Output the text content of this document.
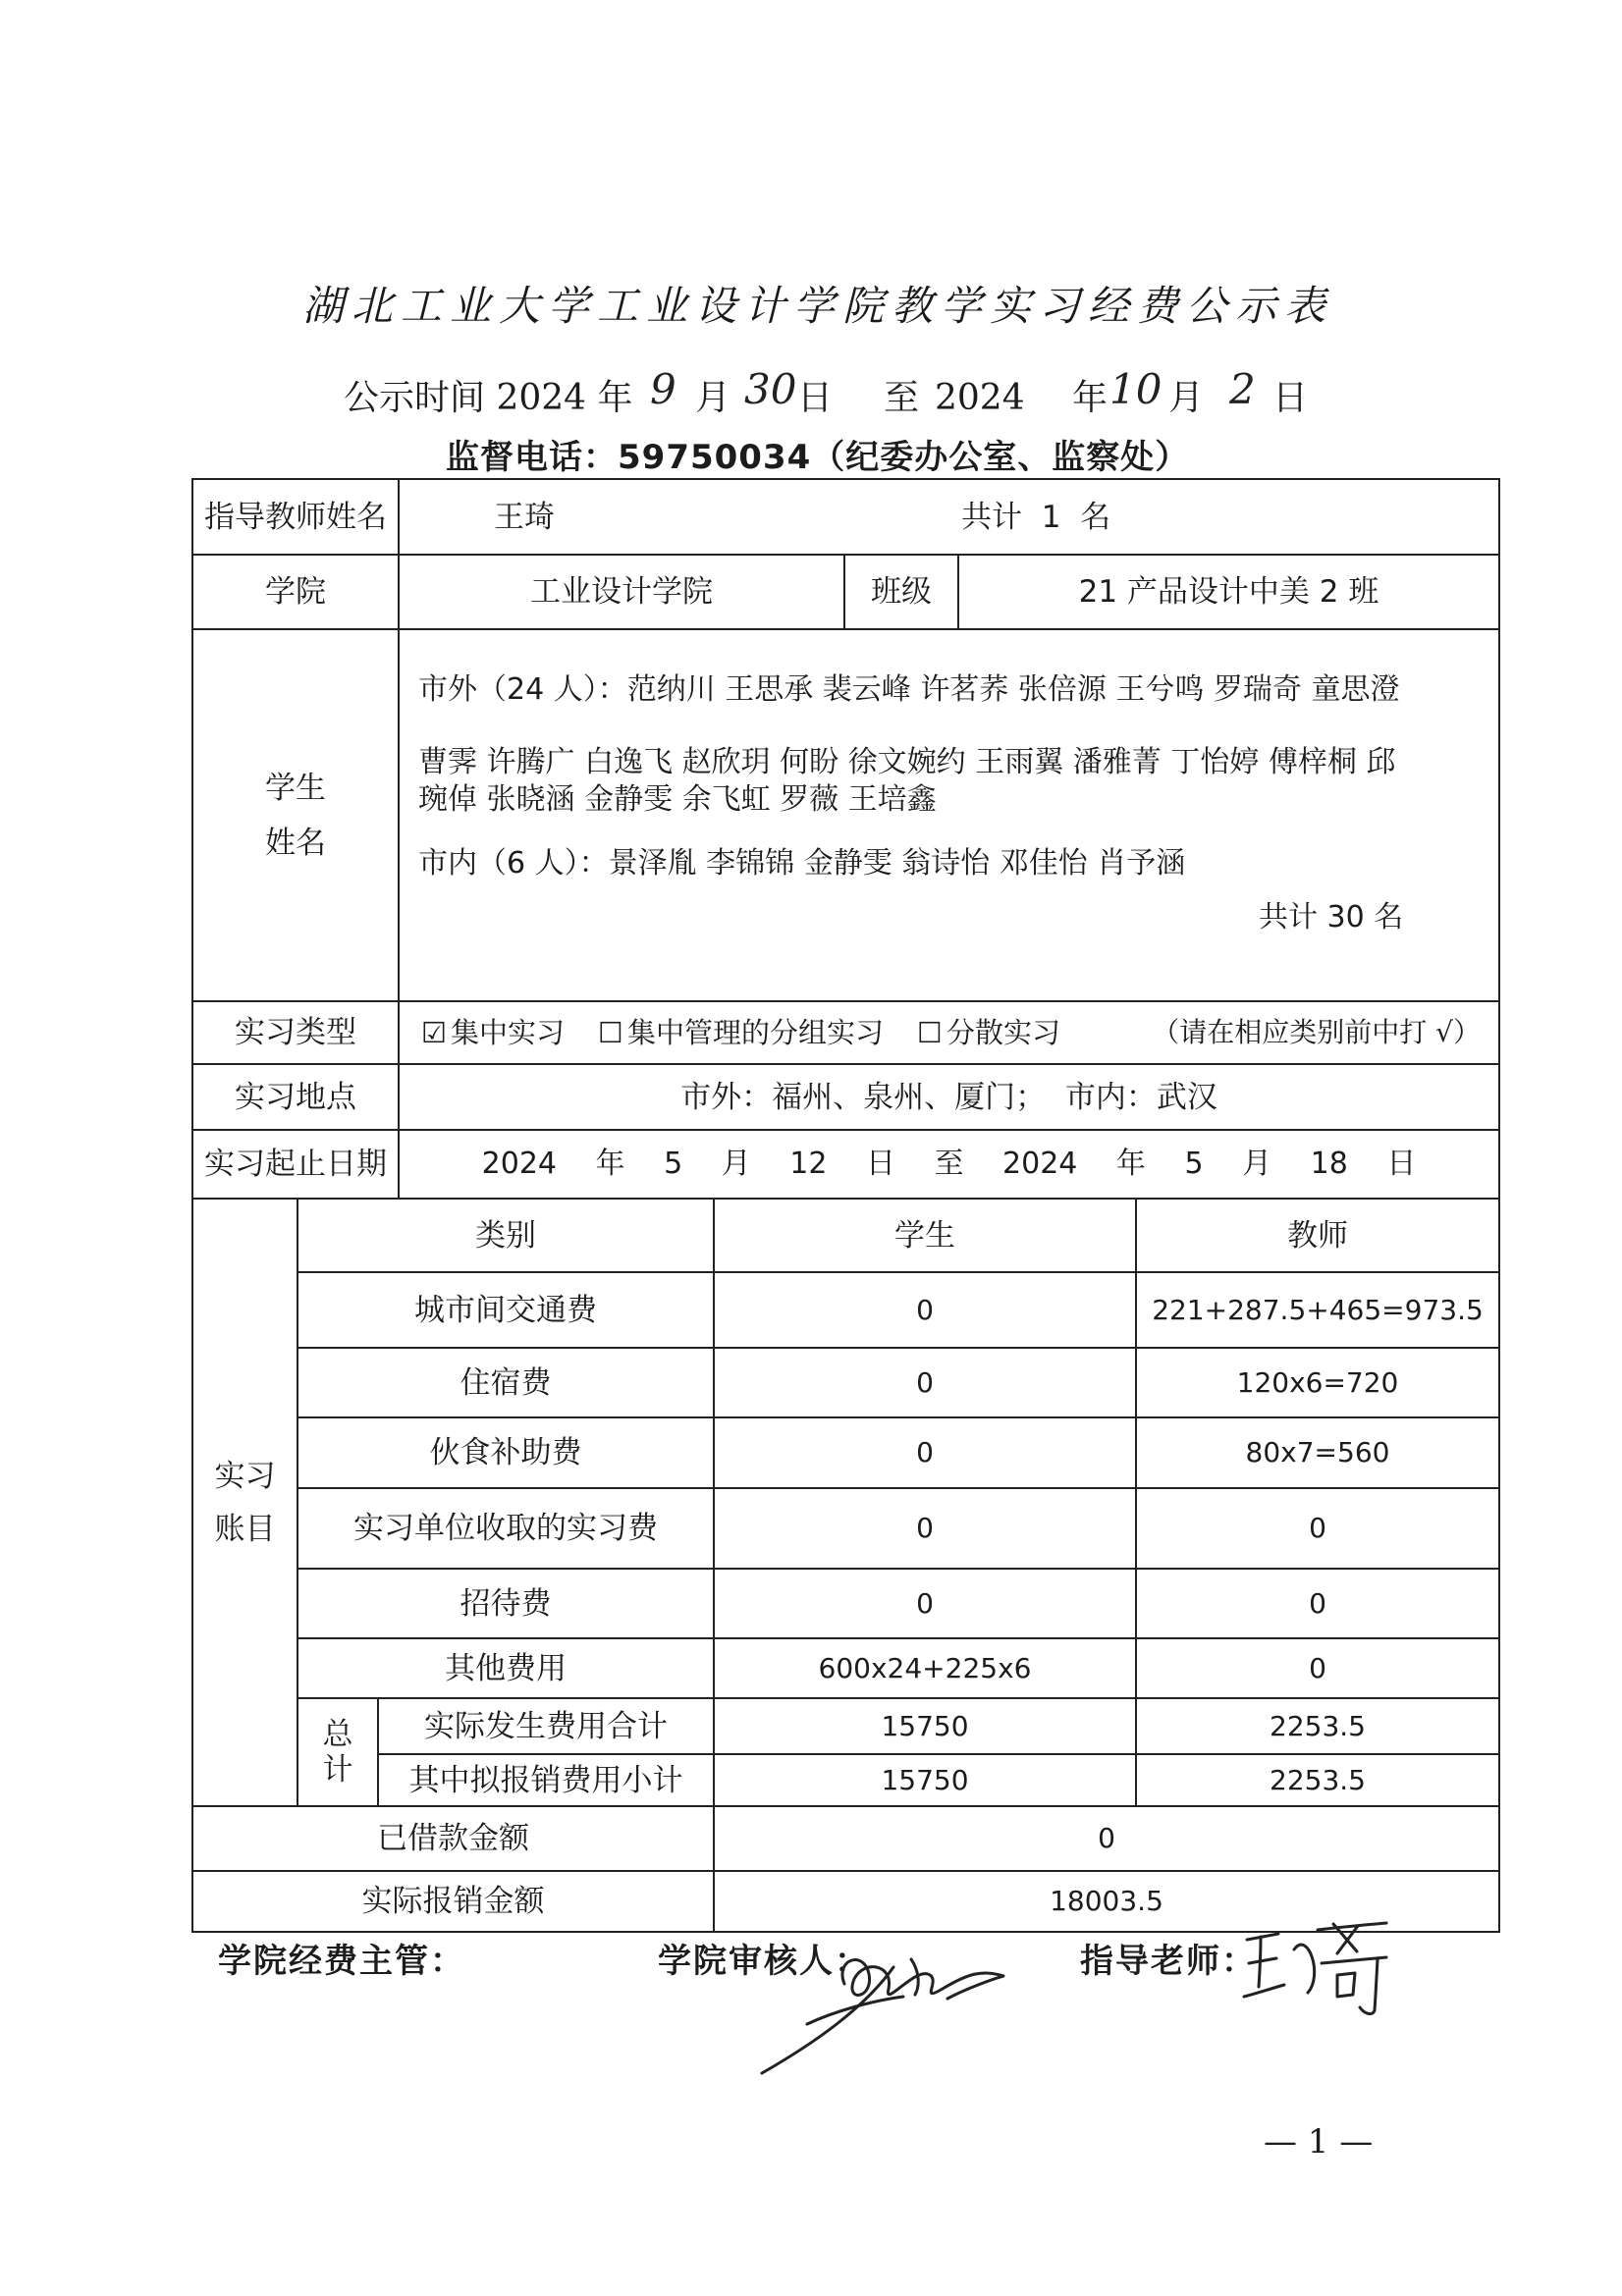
湖北工业大学工业设计学院教学实习经费公示表
公示时间 2024 年 9 月 30 日 至 2024 年 10 月 2 日
监督电话：59750034（纪委办公室、监察处）
指导教师姓名	王琦	共计  1  名
学院	工业设计学院	班级	21 产品设计中美 2 班
学生
姓名
市外（24 人）：范纳川 王思承 裴云峰 许茗荞 张倍源 王兮鸣 罗瑞奇 童思澄
曹霁 许腾广 白逸飞 赵欣玥 何盼 徐文婉约 王雨翼 潘雅菁 丁怡婷 傅梓桐 邱
琬倬 张晓涵 金静雯 余飞虹 罗薇 王培鑫
市内（6 人）：景泽胤 李锦锦 金静雯 翁诗怡 邓佳怡 肖予涵
共计 30 名
实习类型 ☑ 集中实习 ☐ 集中管理的分组实习 ☐ 分散实习	（请在相应类别前中打 √）
实习地点	市外：福州、泉州、厦门；  市内：武汉
实习起止日期	2024 年 5 月 12 日 至 2024 年 5 月 18 日
实习
账目
类别	学生	教师
城市间交通费	0	221+287.5+465=973.5
住宿费	0	120x6=720
伙食补助费	0	80x7=560
实习单位收取的实习费	0	0
招待费	0	0
其他费用	600x24+225x6	0
总
计
实际发生费用合计	15750	2253.5
其中拟报销费用小计	15750	2253.5
已借款金额	0
实际报销金额	18003.5
学院经费主管：	学院审核人：	指导老师：
— 1 —
